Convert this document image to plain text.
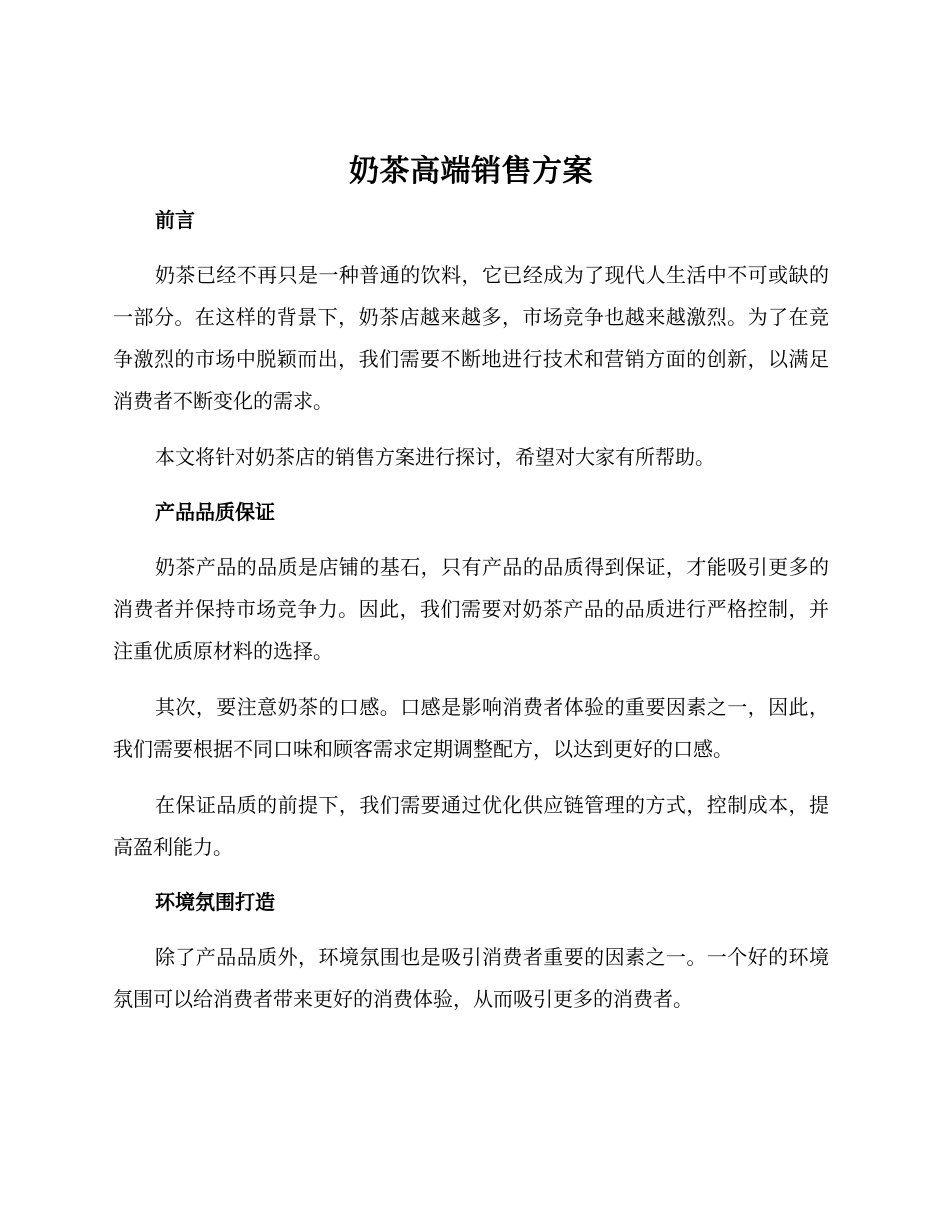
奶茶高端销售方案
前言

奶茶已经不再只是一种普通的饮料，它已经成为了现代人生活中不可或缺的一部分。在这样的背景下，奶茶店越来越多，市场竞争也越来越激烈。为了在竞争激烈的市场中脱颖而出，我们需要不断地进行技术和营销方面的创新，以满足消费者不断变化的需求。

本文将针对奶茶店的销售方案进行探讨，希望对大家有所帮助。

产品品质保证

奶茶产品的品质是店铺的基石，只有产品的品质得到保证，才能吸引更多的消费者并保持市场竞争力。因此，我们需要对奶茶产品的品质进行严格控制，并注重优质原材料的选择。

其次，要注意奶茶的口感。口感是影响消费者体验的重要因素之一，因此，我们需要根据不同口味和顾客需求定期调整配方，以达到更好的口感。

在保证品质的前提下，我们需要通过优化供应链管理的方式，控制成本，提高盈利能力。

环境氛围打造

除了产品品质外，环境氛围也是吸引消费者重要的因素之一。一个好的环境氛围可以给消费者带来更好的消费体验，从而吸引更多的消费者。
